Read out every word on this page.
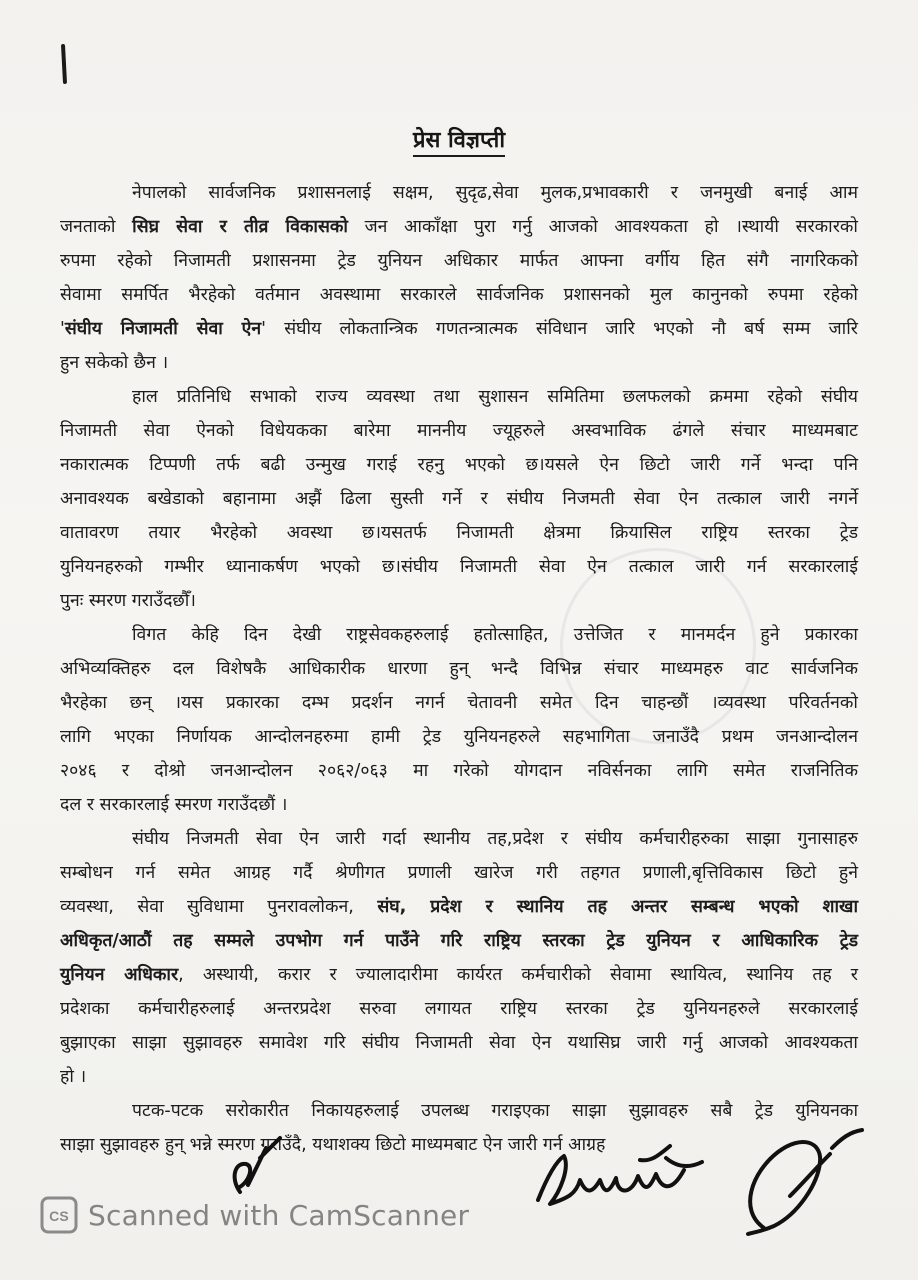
प्रेस विज्ञप्ती

नेपालको सार्वजनिक प्रशासनलाई सक्षम, सुदृढ,सेवा मुलक,प्रभावकारी र जनमुखी बनाई आम
जनताको सिघ्र सेवा र तीव्र विकासको जन आकाँक्षा पुरा गर्नु आजको आवश्यकता हो ।स्थायी सरकारको
रुपमा रहेको निजामती प्रशासनमा ट्रेड युनियन अधिकार मार्फत आफ्ना वर्गीय हित संगै नागरिकको
सेवामा समर्पित भैरहेको वर्तमान अवस्थामा सरकारले सार्वजनिक प्रशासनको मुल कानुनको रुपमा रहेको
'संघीय निजामती सेवा ऐन' संघीय लोकतान्त्रिक गणतन्त्रात्मक संविधान जारि भएको नौ बर्ष सम्म जारि
हुन सकेको छैन ।

हाल प्रतिनिधि सभाको राज्य व्यवस्था तथा सुशासन समितिमा छलफलको क्रममा रहेको संघीय
निजामती सेवा ऐनको विधेयकका बारेमा माननीय ज्यूहरुले अस्वभाविक ढंगले संचार माध्यमबाट
नकारात्मक टिप्पणी तर्फ बढी उन्मुख गराई रहनु भएको छ।यसले ऐन छिटो जारी गर्ने भन्दा पनि
अनावश्यक बखेडाको बहानामा अझैं ढिला सुस्ती गर्ने र संघीय निजमती सेवा ऐन तत्काल जारी नगर्ने
वातावरण तयार भैरहेको अवस्था छ।यसतर्फ निजामती क्षेत्रमा क्रियासिल राष्ट्रिय स्तरका ट्रेड
युनियनहरुको गम्भीर ध्यानाकर्षण भएको छ।संघीय निजामती सेवा ऐन तत्काल जारी गर्न सरकारलाई
पुनः स्मरण गराउँदछौँ।

विगत केहि दिन देखी राष्ट्रसेवकहरुलाई हतोत्साहित, उत्तेजित र मानमर्दन हुने प्रकारका
अभिव्यक्तिहरु दल विशेषकै आधिकारीक धारणा हुन् भन्दै विभिन्न संचार माध्यमहरु वाट सार्वजनिक
भैरहेका छन् ।यस प्रकारका दम्भ प्रदर्शन नगर्न चेतावनी समेत दिन चाहन्छौं ।व्यवस्था परिवर्तनको
लागि भएका निर्णायक आन्दोलनहरुमा हामी ट्रेड युनियनहरुले सहभागिता जनाउँदै प्रथम जनआन्दोलन
२०४६ र दोश्रो जनआन्दोलन २०६२/०६३ मा गरेको योगदान नविर्सनका लागि समेत राजनितिक
दल र सरकारलाई स्मरण गराउँदछौं ।

संघीय निजमती सेवा ऐन जारी गर्दा स्थानीय तह,प्रदेश र संघीय कर्मचारीहरुका साझा गुनासाहरु
सम्बोधन गर्न समेत आग्रह गर्दै श्रेणीगत प्रणाली खारेज गरी तहगत प्रणाली,बृत्तिविकास छिटो हुने
व्यवस्था, सेवा सुविधामा पुनरावलोकन, संघ, प्रदेश र स्थानिय तह अन्तर सम्बन्ध भएको शाखा
अधिकृत/आठौं तह सम्मले उपभोग गर्न पाउँने गरि राष्ट्रिय स्तरका ट्रेड युनियन र आधिकारिक ट्रेड
युनियन अधिकार, अस्थायी, करार र ज्यालादारीमा कार्यरत कर्मचारीको सेवामा स्थायित्व, स्थानिय तह र
प्रदेशका कर्मचारीहरुलाई अन्तरप्रदेश सरुवा लगायत राष्ट्रिय स्तरका ट्रेड युनियनहरुले सरकारलाई
बुझाएका साझा सुझावहरु समावेश गरि संघीय निजामती सेवा ऐन यथासिघ्र जारी गर्नु आजको आवश्यकता
हो ।

पटक-पटक सरोकारीत निकायहरुलाई उपलब्ध गराइएका साझा सुझावहरु सबै ट्रेड युनियनका
साझा सुझावहरु हुन् भन्ने स्मरण गराउँदै, यथाशक्य छिटो माध्यमबाट ऐन जारी गर्न आग्रह

CS Scanned with CamScanner
